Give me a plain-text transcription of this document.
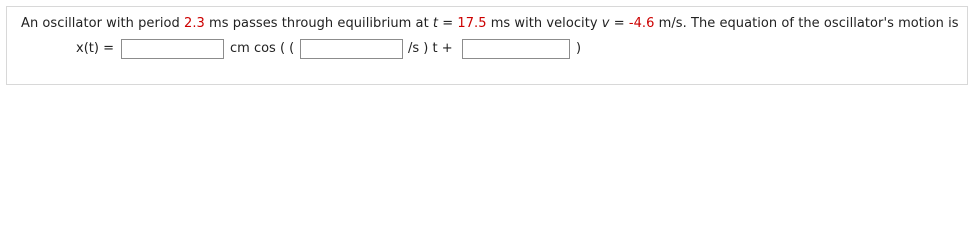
An oscillator with period 2.3 ms passes through equilibrium at t = 17.5 ms with velocity v = -4.6 m/s. The equation of the oscillator's motion is
x(t) =	cm cos ( (	/s ) t +	)
